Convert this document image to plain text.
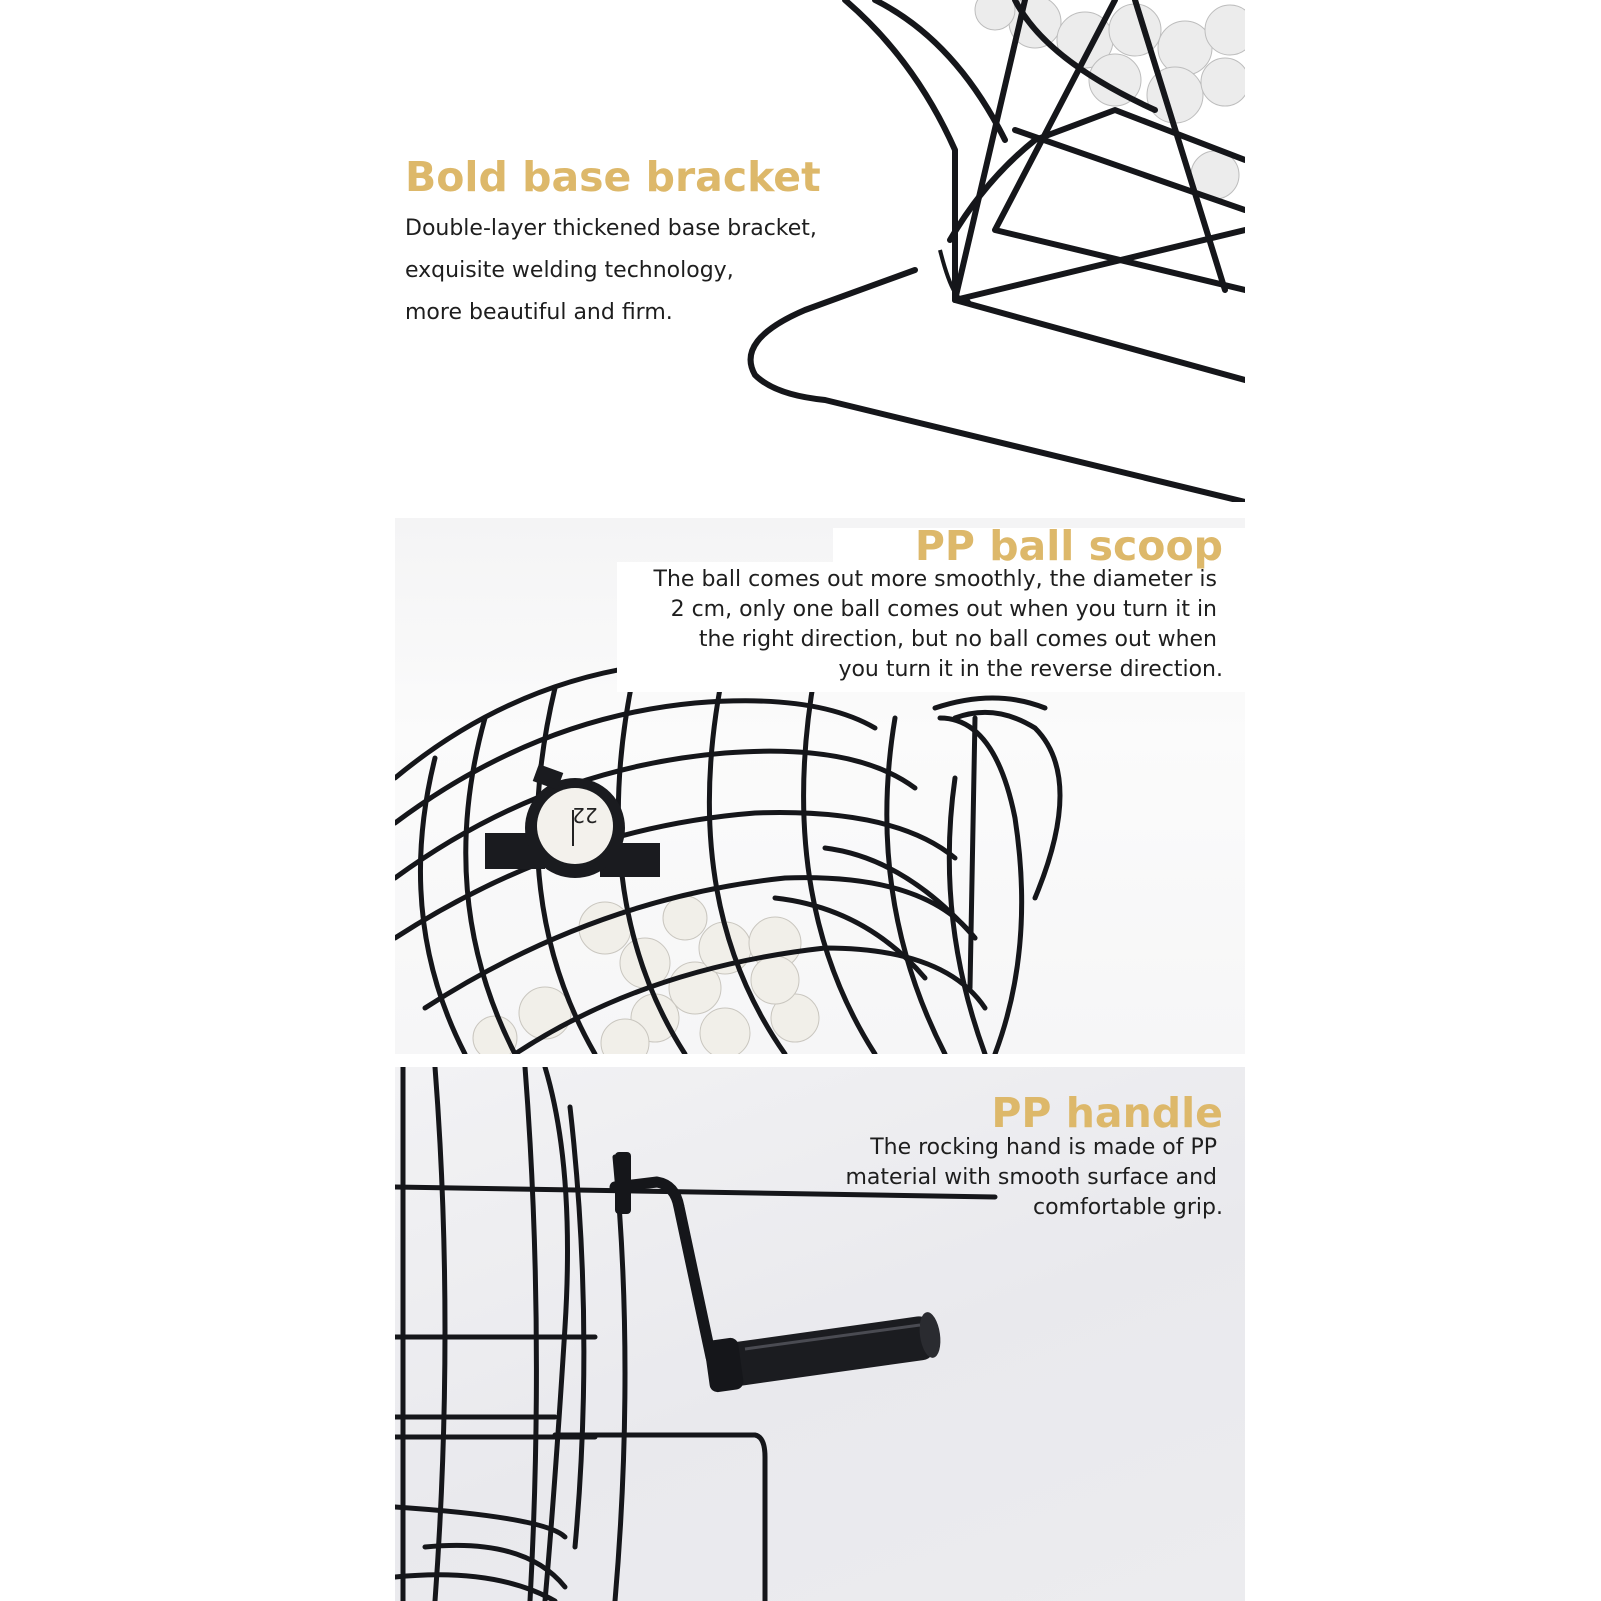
Bold base bracket

Double-layer thickened base bracket,

exquisite welding technology,

more beautiful and firm.

22
PP ball scoop

The ball comes out more smoothly, the diameter is

2 cm, only one ball comes out when you turn it in

the right direction, but no ball comes out when

you turn it in the reverse direction.

PP handle

The rocking hand is made of PP

material with smooth surface and

comfortable grip.
